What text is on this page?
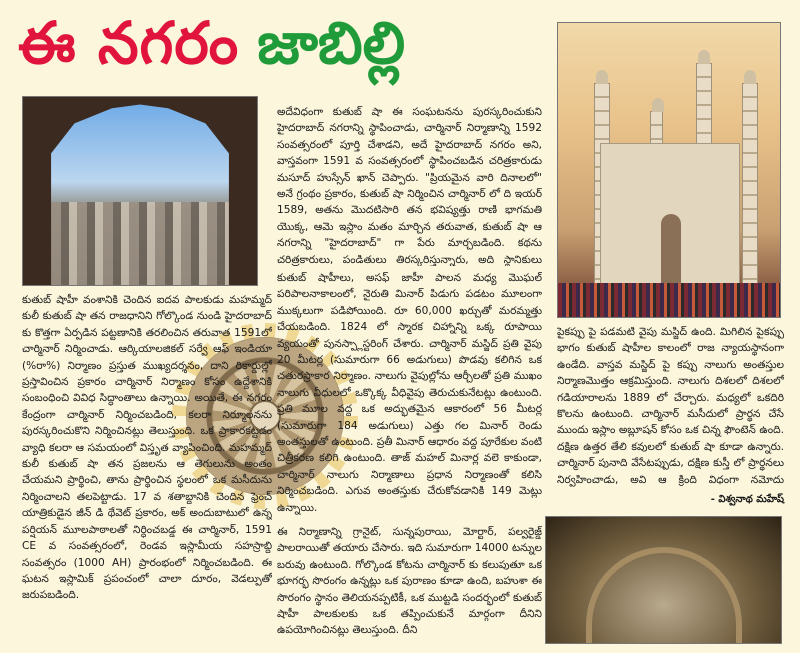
ఈ నగరం జాబిల్లి
కుతుబ్ షాహీ వంశానికి చెందిన ఐదవ పాలకుడు మహమ్మద్ కులీ కుతుబ్ షా తన రాజధానిని గోల్కొండ నుండి హైదరాబాద్ కు కొత్తగా ఏర్పడిన పట్టణానికి తరలించిన తరువాత 1591లో చార్మినార్ నిర్మించాడు. ఆర్కియాలజికల్ సర్వే ఆఫ్ ఇండియా (%రా%) నిర్మాణం ప్రస్తుత ముఖ్యదర్శనం, దాని రికార్డుల్లో ప్రస్తావించిన ప్రకారం చార్మినార్ నిర్మాణం కోసం ఉద్దేశానికి సంబంధించి వివిధ సిద్ధాంతాలు ఉన్నాయి. అయితే, ఈ నగరం కేంద్రంగా చార్మినార్ నిర్మించబడింది, కలరా నిర్మూలనను పురస్కరించుకొని నిర్మించినట్లు తెలుస్తుంది. ఒక ప్రాకారకట్టడం వ్యాధి కలరా ఆ సమయంలో విస్తృత వ్యాపించింది. మహమ్మద్ కులీ కుతుబ్ షా తన ప్రజలను ఆ తెగులును అంతం చేయమని ప్రార్థించి, తాను ప్రార్థించిన స్థలంలో ఒక మసీదును నిర్మించాలని తలపెట్టాడు. 17 వ శతాబ్దానికి చెందిన ఫ్రెంచ్ యాత్రికుడైన జీన్ డి థేవెట్ ప్రకారం, అక్ అందుబాటులో ఉన్న పర్షియన్ మూలపాఠాలతో నిర్ధించబడ్డ ఈ చార్మినార్, 1591 CE వ సంవత్సరంలో, రెండవ ఇస్లామీయ సహస్రాబ్ది సంవత్సరం (1000 AH) ప్రారంభంలో నిర్మించబడింది. ఈ ఘటన ఇస్లామిక్ ప్రపంచంలో చాలా దూరం, వెడల్పుతో జరుపబడింది.
అదేవిధంగా కుతుబ్ షా ఈ సంఘటనను పురస్కరించుకుని హైదరాబాద్ నగరాన్ని స్థాపించాడు, చార్మినార్ నిర్మాణాన్ని 1592 సంవత్సరంలో పూర్తి చేశాడని, అదే హైదరాబాద్ నగరం అని, వాస్తవంగా 1591 వ సంవత్సరంలో స్థాపించబడిన చరిత్రకారుడు మసూద్ హుస్సేన్ ఖాన్ చెప్పారు. "ప్రియమైన వారి దినాలలో" అనే గ్రంథం ప్రకారం, కుతుబ్ షా నిర్మించిన చార్మినార్ లో ది ఇయర్ 1589, అతను మొదటిసారి తన భవిష్యత్తు రాణి భాగమతి యొక్క, ఆమె ఇస్లాం మతం మార్చిన తరువాత, కుతుబ్ షా ఆ నగరాన్ని "హైదరాబాద్" గా పేరు మార్చబడింది. కథను చరిత్రకారులు, పండితులు తిరస్కరిస్తున్నారు, అది స్థానికులు
కుతుబ్ షాహీలు, అసఫ్ జాహీ పాలన మధ్య మొఘల్ పరిపాలనాకాలంలో, నైరుతి మినార్ పిడుగు పడటం మూలంగా ముక్కలుగా పడిపోయింది. రూ 60,000 ఖర్చుతో మరమ్మత్తు చేయబడింది. 1824 లో స్మారక చిహ్నాన్ని ఒక్క రూపాయి వ్యయంతో పునస్ప్లాస్టరింగ్ చేశారు. చార్మినార్ మస్జిద్ ప్రతి వైపు 20 మీటర్ల (సుమారుగా 66 అడుగులు) పొడవు కలిగిన ఒక చతురస్రాకార నిర్మాణం. నాలుగు వైపుల్లోను ఆర్చీలతో ప్రతి ముఖం నాలుగు వీధులలో ఒక్కొక్క వీధివైపు తెరుచుకునేటట్లు ఉంటుంది. ప్రతి మూల వద్ద ఒక అద్భుతమైన ఆకారంలో 56 మీటర్ల (సుమారుగా 184 అడుగులు) ఎత్తు గల మినార్ రెండు అంతస్తులతో ఉంటుంది. ప్రతీ మినార్ ఆధారం వద్ద పూరేకుల వంటి చిత్రీకరణ కలిగి ఉంటుంది. తాజ్ మహల్ మినార్ల వలె కాకుండా, చార్మినార్ నాలుగు నిర్మాణాలు ప్రధాన నిర్మాణంతో కలిసి నిర్మించబడింది. ఎగువ అంతస్తుకు చేరుకోవడానికి 149 మెట్లు ఉన్నాయి.
ఈ నిర్మాణాన్ని గ్రానైట్, సున్నపురాయి, మోర్టార్, పల్వరైజ్డ్ పాలరాయితో తయారు చేసారు. ఇది సుమారుగా 14000 టన్నుల బరువు ఉంటుంది. గోల్కొండ కోటను చార్మినార్ కు కలుపుతూ ఒక భూగర్భ సొరంగం ఉన్నట్లు ఒక పురాణం కూడా ఉంది, బహుశా ఈ సొరంగం స్థానం తెలియనప్పటికీ, ఒక ముట్టడి సందర్భంలో కుతుబ్ షాహీ పాలకులకు ఒక తప్పించుకునే మార్గంగా దీనిని ఉపయోగించినట్లు తెలుస్తుంది. దీని
పైకప్పు పై పడమటి వైపు మస్జిద్ ఉంది. మిగిలిన పైకప్పు భాగం కుతుబ్ షాహీల కాలంలో రాజ న్యాయస్థానంగా ఉండేది. వాస్తవ మస్జిద్ పై కప్పు నాలుగు అంతస్తుల నిర్మాణమొత్తం ఆక్రమిస్తుంది. నాలుగు దిశలలో దిశలలో గడియారాలను 1889 లో చేర్చారు. మధ్యలో ఒకదిరి కొలను ఉంటుంది. చార్మినార్ మసీదులో ప్రార్థన చేసే ముందు ఇస్లాం అబ్లూషన్ కోసం ఒక చిన్న ఫౌంటెన్ ఉంది. దక్షిణ ఉత్తర తేలి కవులలో కుతుబ్ షా కూడా ఉన్నారు. చార్మినార్ పునాది వేసేటప్పుడు, దక్షిణ కుస్తీ లో ప్రార్థనలు నిర్వహించాడు, అవి ఆ క్రింది విధంగా నమోదు
- విశ్వనాథ మహేష్
